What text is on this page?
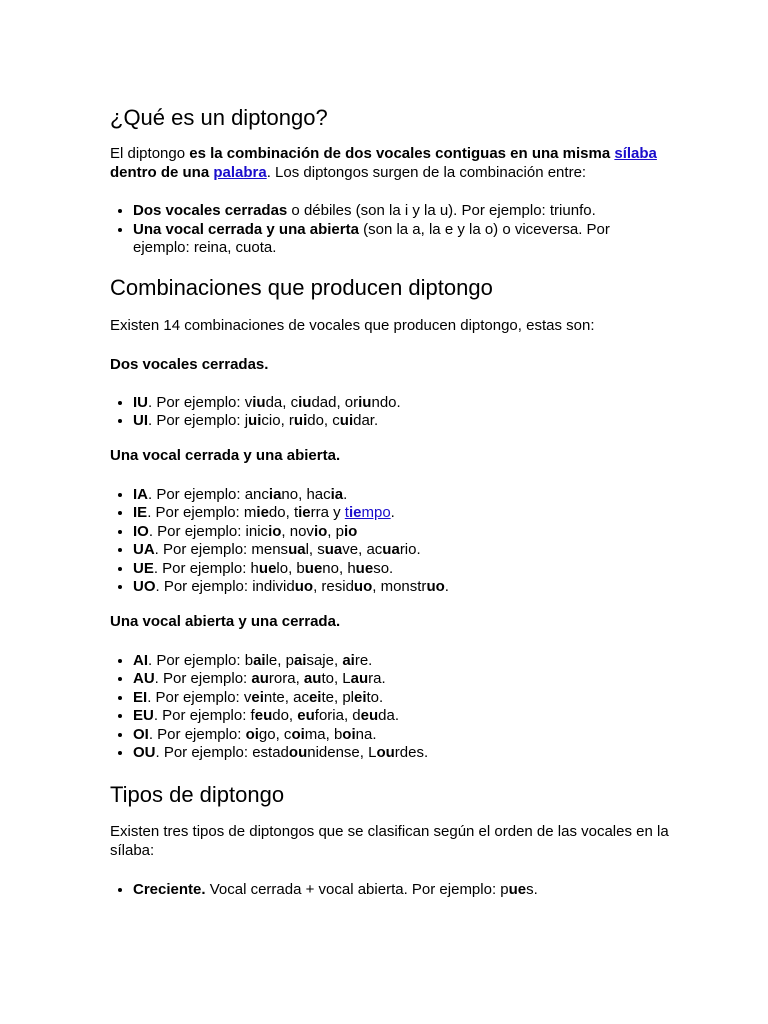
¿Qué es un diptongo?

El diptongo es la combinación de dos vocales contiguas en una misma sílaba dentro de una palabra. Los diptongos surgen de la combinación entre:

• Dos vocales cerradas o débiles (son la i y la u). Por ejemplo: triunfo.
• Una vocal cerrada y una abierta (son la a, la e y la o) o viceversa. Por ejemplo: reina, cuota.
Combinaciones que producen diptongo

Existen 14 combinaciones de vocales que producen diptongo, estas son:

Dos vocales cerradas.
• IU. Por ejemplo: viuda, ciudad, oriundo.
• UI. Por ejemplo: juicio, ruido, cuidar.
Una vocal cerrada y una abierta.
• IA. Por ejemplo: anciano, hacia.
• IE. Por ejemplo: miedo, tierra y tiempo.
• IO. Por ejemplo: inicio, novio, pio
• UA. Por ejemplo: mensual, suave, acuario.
• UE. Por ejemplo: huelo, bueno, hueso.
• UO. Por ejemplo: individuo, residuo, monstruo.
Una vocal abierta y una cerrada.
• AI. Por ejemplo: baile, paisaje, aire.
• AU. Por ejemplo: aurora, auto, Laura.
• EI. Por ejemplo: veinte, aceite, pleito.
• EU. Por ejemplo: feudo, euforia, deuda.
• OI. Por ejemplo: oigo, coima, boina.
• OU. Por ejemplo: estadounidense, Lourdes.
Tipos de diptongo

Existen tres tipos de diptongos que se clasifican según el orden de las vocales en la sílaba:

• Creciente. Vocal cerrada + vocal abierta. Por ejemplo: pues.
